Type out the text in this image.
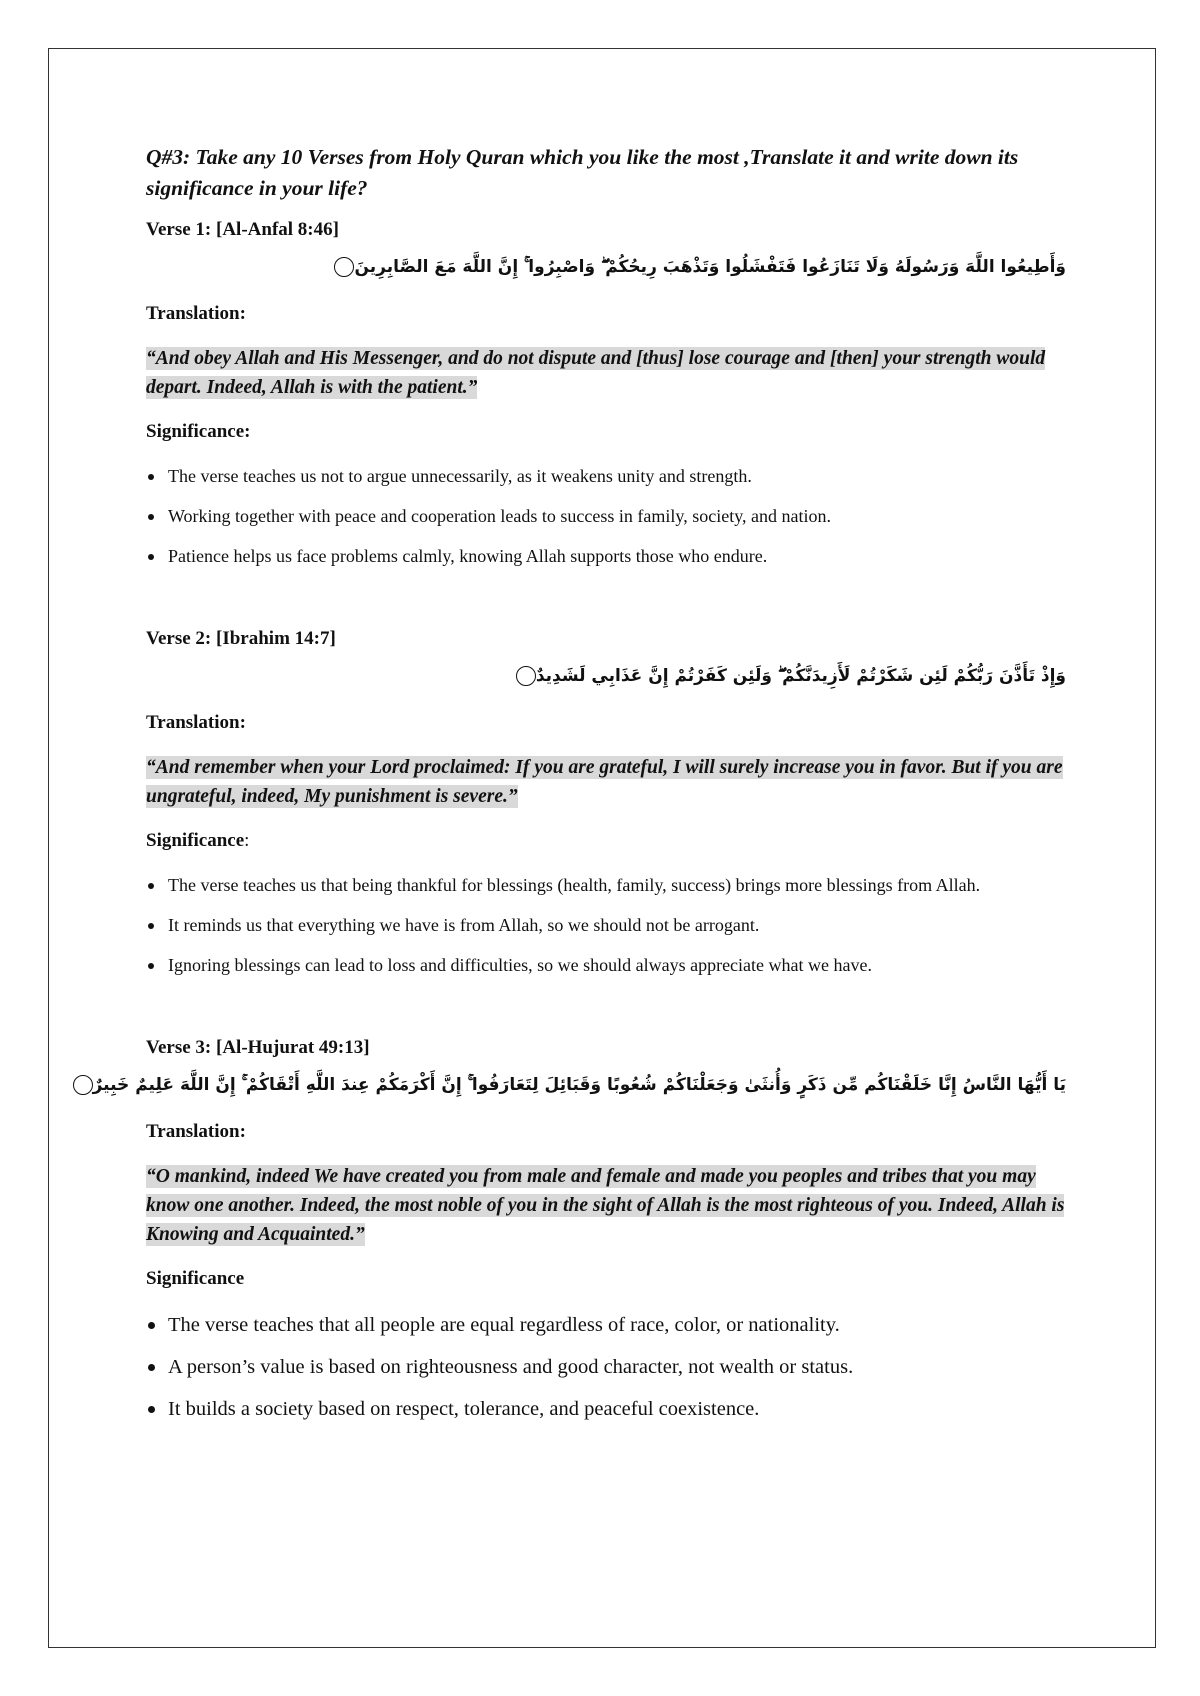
Q#3: Take any 10 Verses from Holy Quran which you like the most ,Translate it and write down its significance in your life?

Verse 1: [Al-Anfal 8:46]

وَأَطِيعُوا اللَّهَ وَرَسُولَهُ وَلَا تَنَازَعُوا فَتَفْشَلُوا وَتَذْهَبَ رِيحُكُمْ ۖ وَاصْبِرُوا ۚ إِنَّ اللَّهَ مَعَ الصَّابِرِينَ

Translation:

“And obey Allah and His Messenger, and do not dispute and [thus] lose courage and [then] your strength would depart. Indeed, Allah is with the patient.”

Significance:

The verse teaches us not to argue unnecessarily, as it weakens unity and strength.
Working together with peace and cooperation leads to success in family, society, and nation.
Patience helps us face problems calmly, knowing Allah supports those who endure.

Verse 2: [Ibrahim 14:7]

وَإِذْ تَأَذَّنَ رَبُّكُمْ لَئِن شَكَرْتُمْ لَأَزِيدَنَّكُمْ ۖ وَلَئِن كَفَرْتُمْ إِنَّ عَذَابِي لَشَدِيدٌ

Translation:

“And remember when your Lord proclaimed: If you are grateful, I will surely increase you in favor. But if you are ungrateful, indeed, My punishment is severe.”

Significance:

The verse teaches us that being thankful for blessings (health, family, success) brings more blessings from Allah.
It reminds us that everything we have is from Allah, so we should not be arrogant.
Ignoring blessings can lead to loss and difficulties, so we should always appreciate what we have.

Verse 3: [Al-Hujurat 49:13]

يَا أَيُّهَا النَّاسُ إِنَّا خَلَقْنَاكُم مِّن ذَكَرٍ وَأُنثَىٰ وَجَعَلْنَاكُمْ شُعُوبًا وَقَبَائِلَ لِتَعَارَفُوا ۚ إِنَّ أَكْرَمَكُمْ عِندَ اللَّهِ أَتْقَاكُمْ ۚ إِنَّ اللَّهَ عَلِيمٌ خَبِيرٌ

Translation:

“O mankind, indeed We have created you from male and female and made you peoples and tribes that you may know one another. Indeed, the most noble of you in the sight of Allah is the most righteous of you. Indeed, Allah is Knowing and Acquainted.”

Significance

The verse teaches that all people are equal regardless of race, color, or nationality.
A person’s value is based on righteousness and good character, not wealth or status.
It builds a society based on respect, tolerance, and peaceful coexistence.
